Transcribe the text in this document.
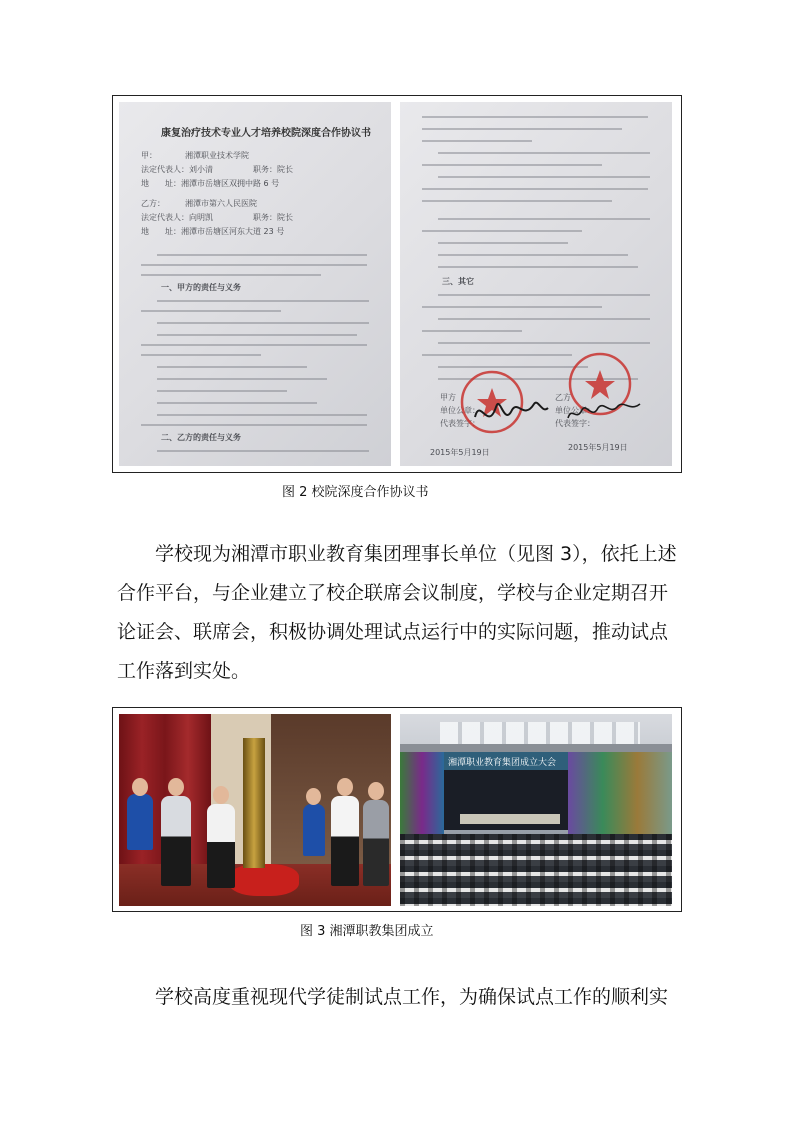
康复治疗技术专业人才培养校院深度合作协议书
甲：　　　　湘潭职业技术学院
法定代表人：刘小清　　　　　职务：院长
地　　址：湘潭市岳塘区双拥中路 6 号
乙方：　　　湘潭市第六人民医院
法定代表人：向明凯　　　　　职务：院长
地　　址：湘潭市岳塘区河东大道 23 号
一、甲方的责任与义务
二、乙方的责任与义务
三、其它
甲方
单位公章：
代表签字：
乙方
单位公章：
代表签字：
2015年5月19日
2015年5月19日
图 2 校院深度合作协议书

学校现为湘潭市职业教育集团理事长单位（见图 3），依托上述合作平台，与企业建立了校企联席会议制度，学校与企业定期召开论证会、联席会，积极协调处理试点运行中的实际问题，推动试点工作落到实处。

湘潭职业教育集团成立大会
图 3 湘潭职教集团成立

学校高度重视现代学徒制试点工作，为确保试点工作的顺利实
